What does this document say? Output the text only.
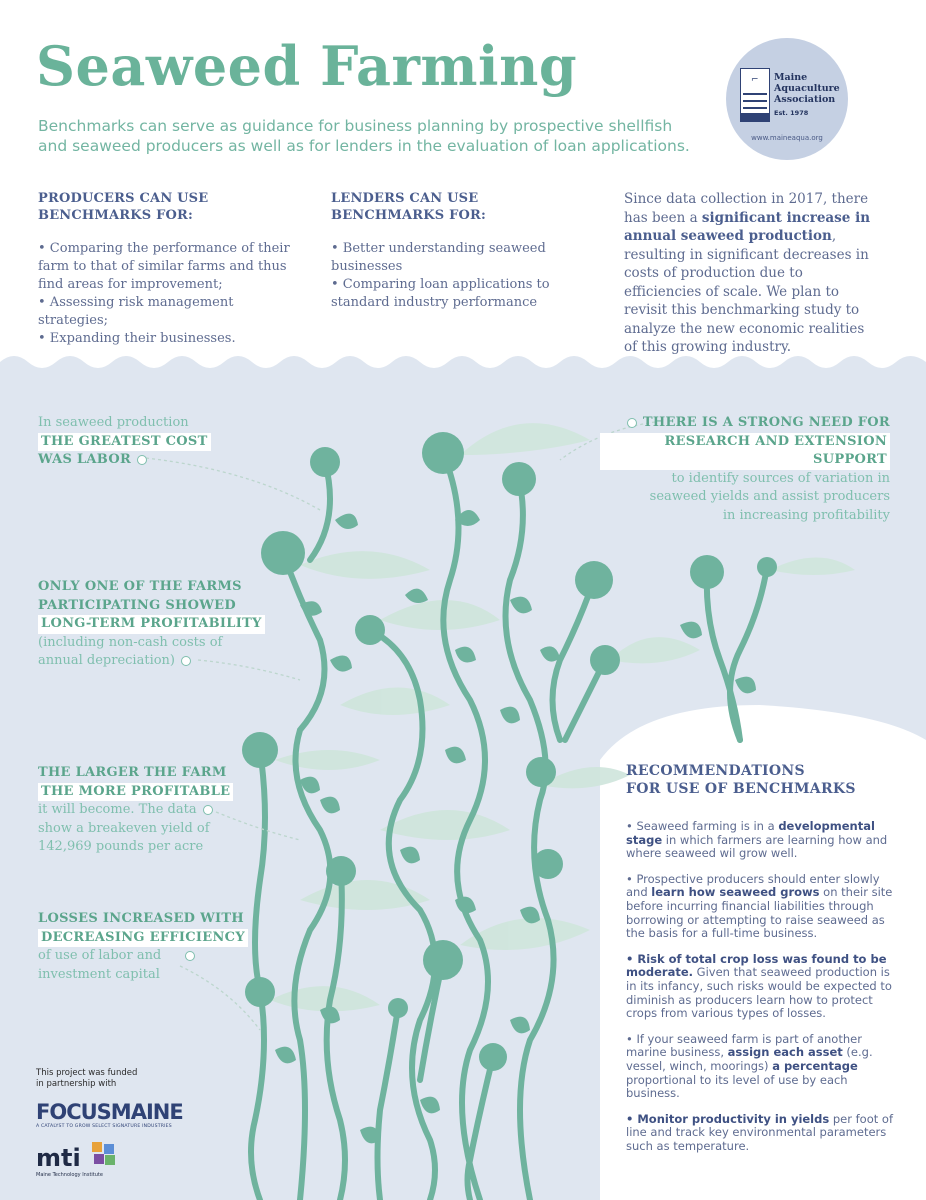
Seaweed Farming

Benchmarks can serve as guidance for business planning by prospective shellfish and seaweed producers as well as for lenders in the evaluation of loan applications.

⌐ Maine
Aquaculture
Association
Est. 1978
www.maineaqua.org
PRODUCERS CAN USE
BENCHMARKS FOR:
• Comparing the performance of their farm to that of similar farms and thus find areas for improvement;
• Assessing risk management strategies;
• Expanding their businesses.
LENDERS CAN USE
BENCHMARKS FOR:
• Better understanding seaweed businesses
• Comparing loan applications to standard industry performance
Since data collection in 2017, there has been a significant increase in annual seaweed production, resulting in significant decreases in costs of production due to efficiencies of scale. We plan to revisit this benchmarking study to analyze the new economic realities of this growing industry.
In seaweed production
THE GREATEST COST
WAS LABOR
THERE IS A STRONG NEED FOR
RESEARCH AND EXTENSION SUPPORT
to identify sources of variation in
seaweed yields and assist producers
in increasing profitability
ONLY ONE OF THE FARMS
PARTICIPATING SHOWED
LONG-TERM PROFITABILITY
(including non-cash costs of
annual depreciation)
THE LARGER THE FARM
THE MORE PROFITABLE
it will become. The data
show a breakeven yield of
142,969 pounds per acre
LOSSES INCREASED WITH
DECREASING EFFICIENCY
of use of labor and
investment capital
RECOMMENDATIONS
FOR USE OF BENCHMARKS
• Seaweed farming is in a developmental stage in which farmers are learning how and where seaweed wil grow well.
• Prospective producers should enter slowly and learn how seaweed grows on their site before incurring financial liabilities through borrowing or attempting to raise seaweed as the basis for a full-time business.
• Risk of total crop loss was found to be moderate. Given that seaweed production is in its infancy, such risks would be expected to diminish as producers learn how to protect crops from various types of losses.
• If your seaweed farm is part of another marine business, assign each asset (e.g. vessel, winch, moorings) a percentage proportional to its level of use by each business.
• Monitor productivity in yields per foot of line and track key environmental parameters such as temperature.
This project was funded
in partnership with
FOCUSMAINE
A CATALYST TO GROW SELECT SIGNATURE INDUSTRIES
mti
Maine Technology Institute
